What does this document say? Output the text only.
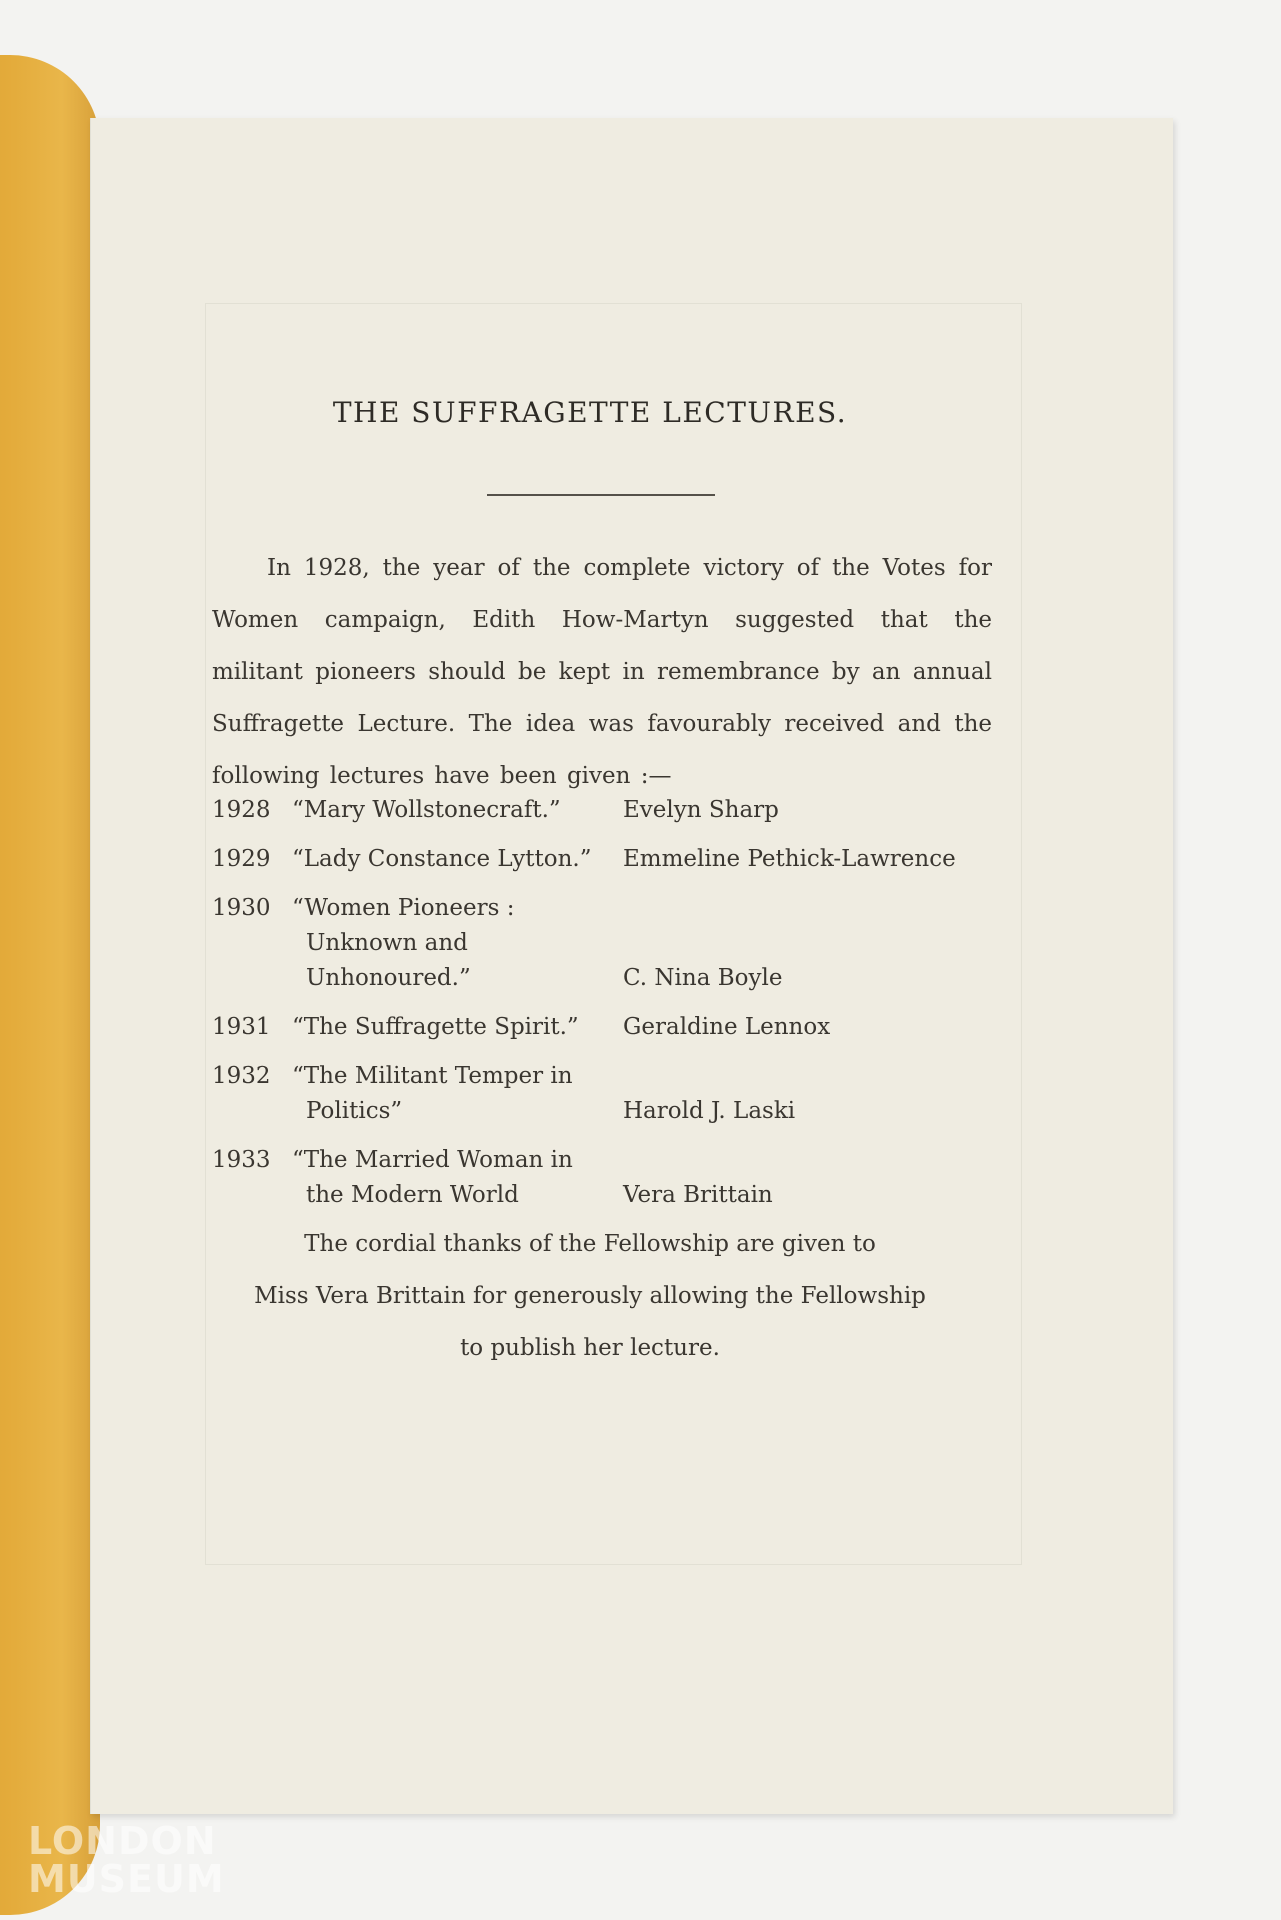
THE SUFFRAGETTE LECTURES.

In 1928, the year of the complete victory of the Votes for Women campaign, Edith How-Martyn suggested that the militant pioneers should be kept in remembrance by an annual Suffragette Lecture. The idea was favourably received and the following lectures have been given :—

1928 “Mary Wollstonecraft.”	Evelyn Sharp
1929 “Lady Constance Lytton.”	Emmeline Pethick-Lawrence
1930 “Women Pioneers : Unknown and Unhonoured.”	C. Nina Boyle
1931 “The Suffragette Spirit.”	Geraldine Lennox
1932 “The Militant Temper in Politics”	Harold J. Laski
1933 “The Married Woman in the Modern World	Vera Brittain

The cordial thanks of the Fellowship are given to
Miss Vera Brittain for generously allowing the Fellowship
to publish her lecture.

LONDON
MUSEUM
